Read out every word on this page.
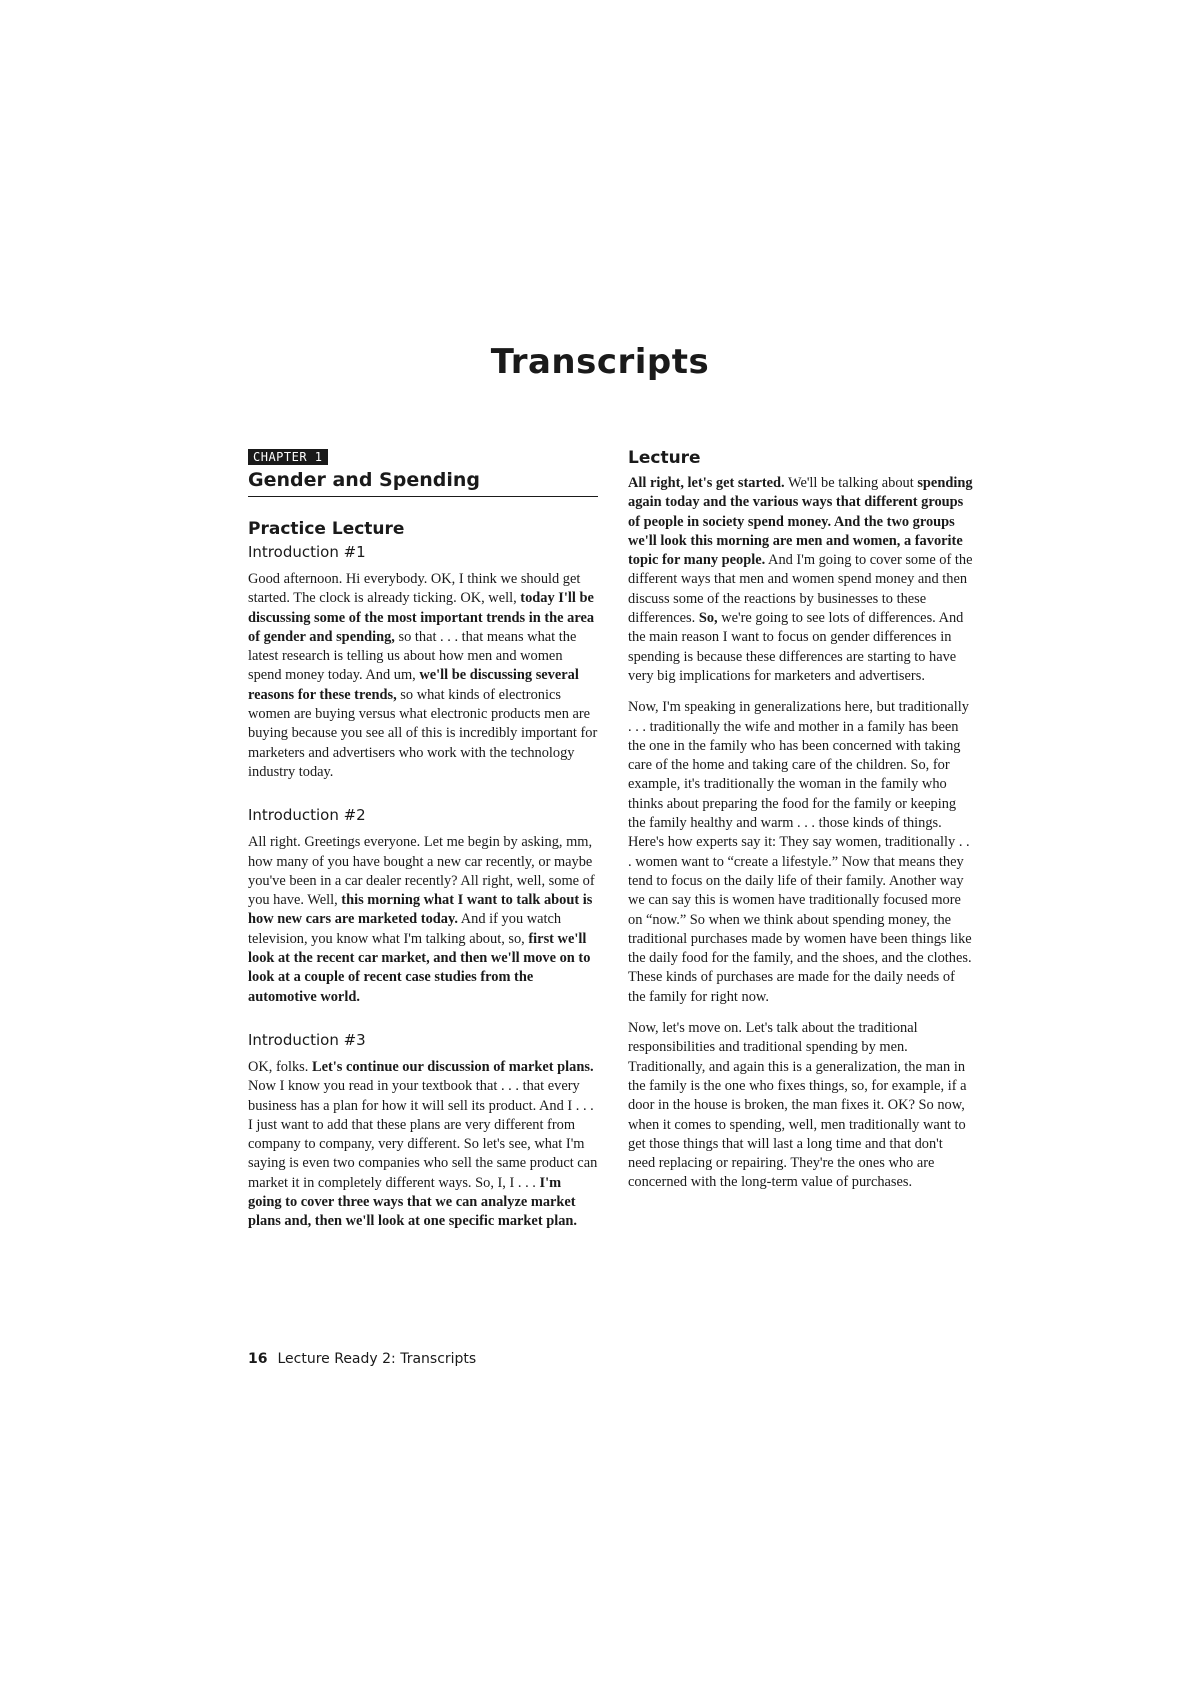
Transcripts
CHAPTER 1
Gender and Spending
Practice Lecture
Introduction #1

Good afternoon. Hi everybody. OK, I think we should get started. The clock is already ticking. OK, well, today I'll be discussing some of the most important trends in the area of gender and spending, so that . . . that means what the latest research is telling us about how men and women spend money today. And um, we'll be discussing several reasons for these trends, so what kinds of electronics women are buying versus what electronic products men are buying because you see all of this is incredibly important for marketers and advertisers who work with the technology industry today.

Introduction #2

All right. Greetings everyone. Let me begin by asking, mm, how many of you have bought a new car recently, or maybe you've been in a car dealer recently? All right, well, some of you have. Well, this morning what I want to talk about is how new cars are marketed today. And if you watch television, you know what I'm talking about, so, first we'll look at the recent car market, and then we'll move on to look at a couple of recent case studies from the automotive world.

Introduction #3

OK, folks. Let's continue our discussion of market plans. Now I know you read in your textbook that . . . that every business has a plan for how it will sell its product. And I . . . I just want to add that these plans are very different from company to company, very different. So let's see, what I'm saying is even two companies who sell the same product can market it in completely different ways. So, I, I . . . I'm going to cover three ways that we can analyze market plans and, then we'll look at one specific market plan.

Lecture

All right, let's get started. We'll be talking about spending again today and the various ways that different groups of people in society spend money. And the two groups we'll look this morning are men and women, a favorite topic for many people. And I'm going to cover some of the different ways that men and women spend money and then discuss some of the reactions by businesses to these differences. So, we're going to see lots of differences. And the main reason I want to focus on gender differences in spending is because these differences are starting to have very big implications for marketers and advertisers.

Now, I'm speaking in generalizations here, but traditionally . . . traditionally the wife and mother in a family has been the one in the family who has been concerned with taking care of the home and taking care of the children. So, for example, it's traditionally the woman in the family who thinks about preparing the food for the family or keeping the family healthy and warm . . . those kinds of things. Here's how experts say it: They say women, traditionally . . . women want to “create a lifestyle.” Now that means they tend to focus on the daily life of their family. Another way we can say this is women have traditionally focused more on “now.” So when we think about spending money, the traditional purchases made by women have been things like the daily food for the family, and the shoes, and the clothes. These kinds of purchases are made for the daily needs of the family for right now.

Now, let's move on. Let's talk about the traditional responsibilities and traditional spending by men. Traditionally, and again this is a generalization, the man in the family is the one who fixes things, so, for example, if a door in the house is broken, the man fixes it. OK? So now, when it comes to spending, well, men traditionally want to get those things that will last a long time and that don't need replacing or repairing. They're the ones who are concerned with the long-term value of purchases.

16 Lecture Ready 2: Transcripts
